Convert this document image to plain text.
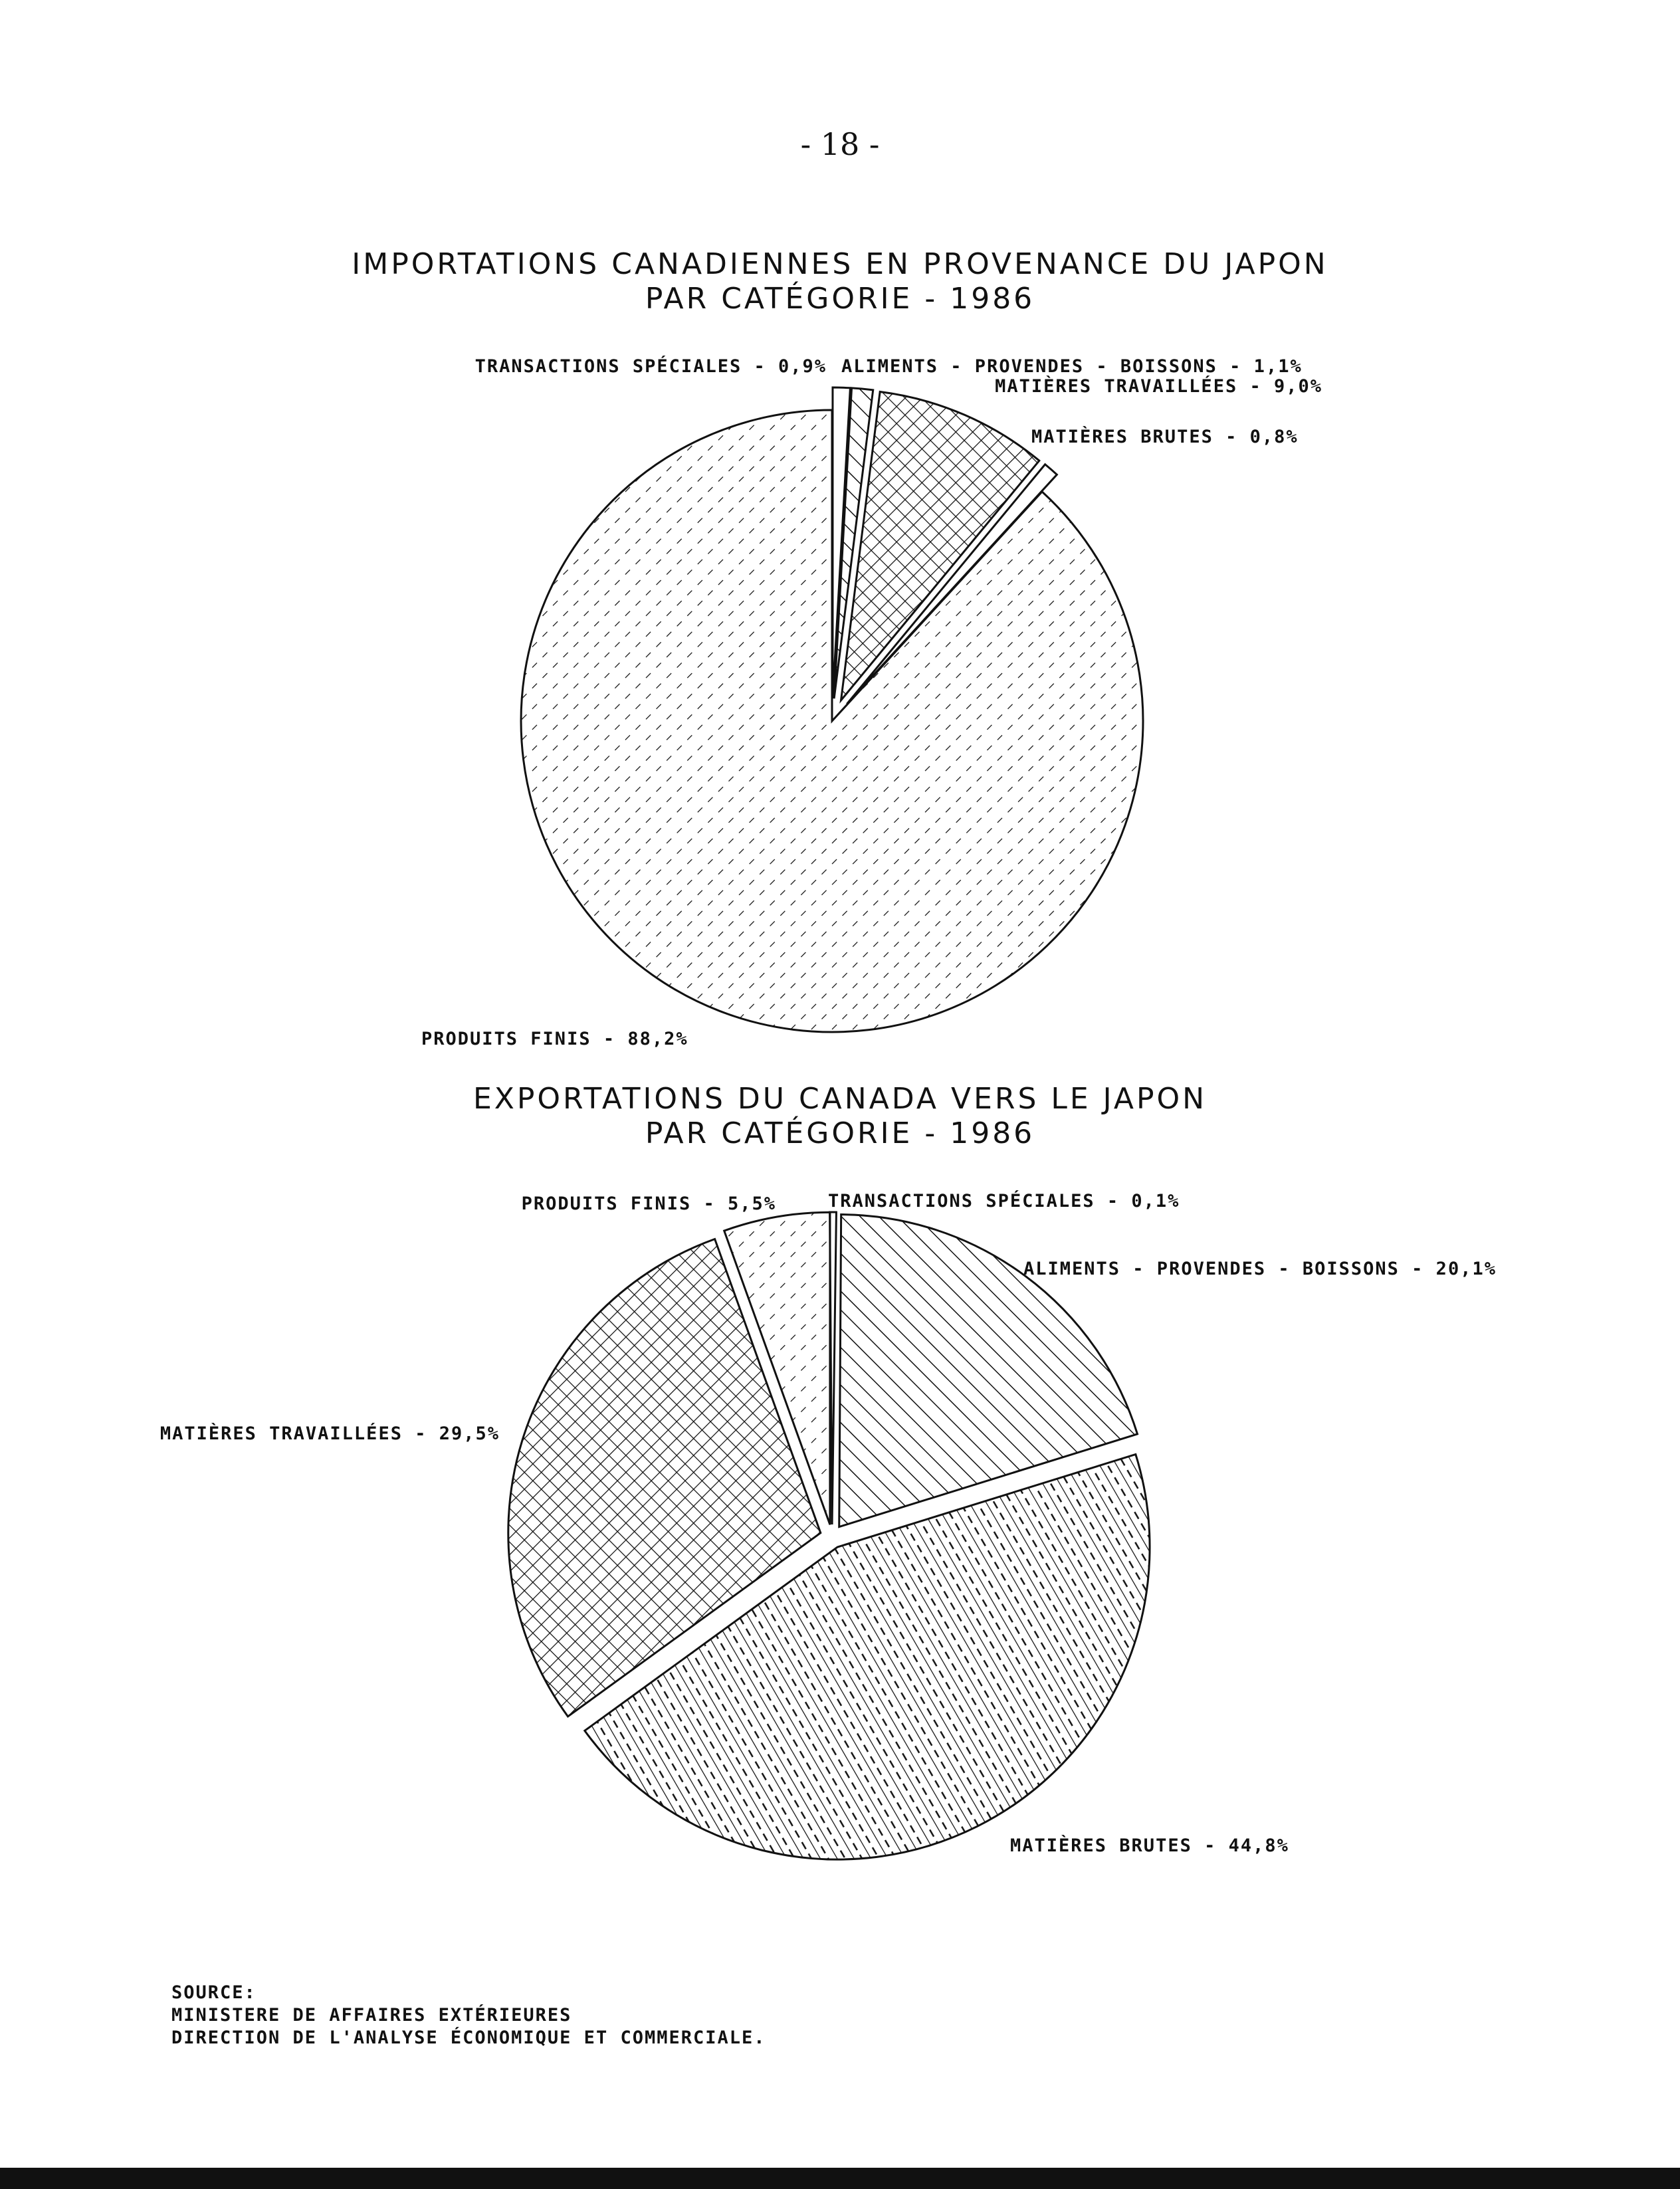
- 18 -
IMPORTATIONS CANADIENNES EN PROVENANCE DU JAPON
PAR CATÉGORIE - 1986
EXPORTATIONS DU CANADA VERS LE JAPON
PAR CATÉGORIE - 1986
TRANSACTIONS SPÉCIALES - 0,9% ALIMENTS - PROVENDES - BOISSONS - 1,1%
MATIÈRES TRAVAILLÉES - 9,0%
MATIÈRES BRUTES - 0,8%
PRODUITS FINIS - 88,2%
TRANSACTIONS SPÉCIALES - 0,1%
ALIMENTS - PROVENDES - BOISSONS - 20,1%
MATIÈRES BRUTES - 44,8%
MATIÈRES TRAVAILLÉES - 29,5%
PRODUITS FINIS - 5,5%
SOURCE:
MINISTERE DE AFFAIRES EXTÉRIEURES
DIRECTION DE L'ANALYSE ÉCONOMIQUE ET COMMERCIALE.
